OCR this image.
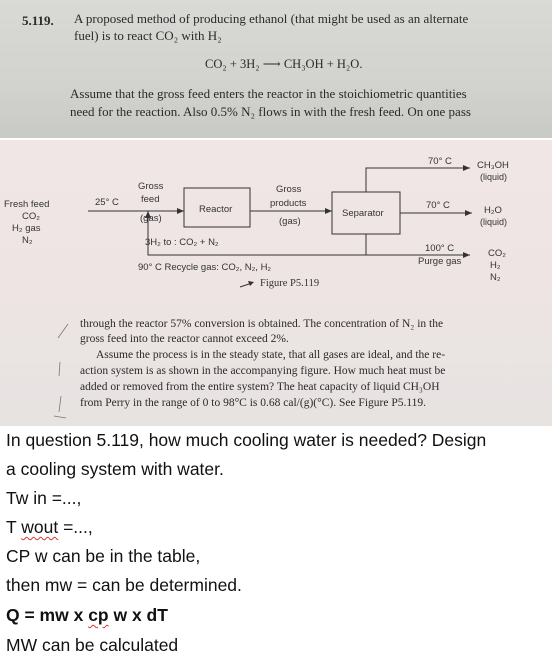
5.119. A proposed method of producing ethanol (that might be used as an alternate
fuel) is to react CO₂ with H₂
CO₂ + 3H₂ ⟶ CH₃OH + H₂O.
Assume that the gross feed enters the reactor in the stoichiometric quantities
need for the reaction. Also 0.5% N₂ flows in with the fresh feed. On one pass
Fresh feed
CO₂
H₂ gas
N₂
25° C
Gross
feed
(gas)
Reactor
Gross
products
(gas)
Separator
70° C	CH₃OH
(liquid)
70° C	H₂O
(liquid)
3H₂ to : CO₂ + N₂
100° C
Purge gas
CO₂
H₂
N₂
90° C Recycle gas: CO₂, N₂, H₂
Figure P5.119
through the reactor 57% conversion is obtained. The concentration of N₂ in the
gross feed into the reactor cannot exceed 2%.
Assume the process is in the steady state, that all gases are ideal, and the re-
action system is as shown in the accompanying figure. How much heat must be
added or removed from the entire system? The heat capacity of liquid CH₃OH
from Perry in the range of 0 to 98°C is 0.68 cal/(g)(°C). See Figure P5.119.
In question 5.119, how much cooling water is needed? Design
a cooling system with water.
Tw in =...,
T wout =...,
CP w can be in the table,
then mw = can be determined.
Q = mw x cp w x dT
MW can be calculated
